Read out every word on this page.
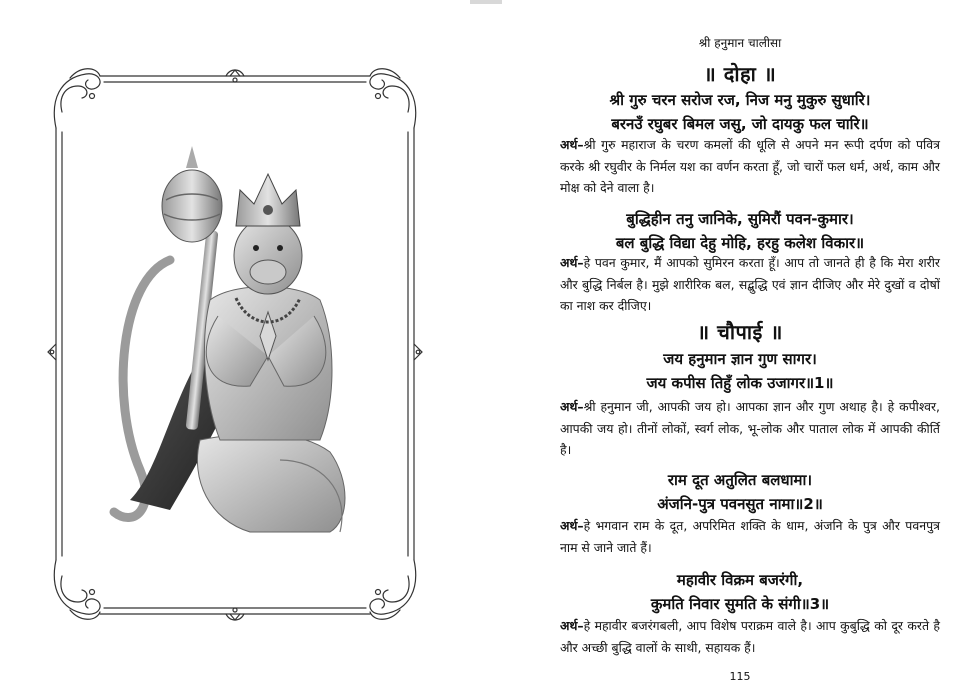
श्री हनुमान चालीसा
॥ दोहा ॥
श्री गुरु चरन सरोज रज, निज मनु मुकुरु सुधारि।
बरनउँ रघुबर बिमल जसु, जो दायकु फल चारि॥
अर्थ–श्री गुरु महाराज के चरण कमलों की धूलि से अपने मन रूपी दर्पण को पवित्र करके श्री रघुवीर के निर्मल यश का वर्णन करता हूँ, जो चारों फल धर्म, अर्थ, काम और मोक्ष को देने वाला है।
बुद्धिहीन तनु जानिके, सुमिरौं पवन-कुमार।
बल बुद्धि विद्या देहु मोहि, हरहु कलेश विकार॥
अर्थ–हे पवन कुमार, मैं आपको सुमिरन करता हूँ। आप तो जानते ही है कि मेरा शरीर और बुद्धि निर्बल है। मुझे शारीरिक बल, सद्बुद्धि एवं ज्ञान दीजिए और मेरे दुखों व दोषों का नाश कर दीजिए।
॥ चौपाई ॥
जय हनुमान ज्ञान गुण सागर।
जय कपीस तिहुँ लोक उजागर॥1॥
अर्थ–श्री हनुमान जी, आपकी जय हो। आपका ज्ञान और गुण अथाह है। हे कपीश्वर, आपकी जय हो। तीनों लोकों, स्वर्ग लोक, भू-लोक और पाताल लोक में आपकी कीर्ति है।
राम दूत अतुलित बलधामा।
अंजनि-पुत्र पवनसुत नामा॥2॥
अर्थ–हे भगवान राम के दूत, अपरिमित शक्ति के धाम, अंजनि के पुत्र और पवनपुत्र नाम से जाने जाते हैं।
महावीर विक्रम बजरंगी,
कुमति निवार सुमति के संगी॥3॥
अर्थ–हे महावीर बजरंगबली, आप विशेष पराक्रम वाले है। आप कुबुद्धि को दूर करते है और अच्छी बुद्धि वालों के साथी, सहायक हैं।
115
